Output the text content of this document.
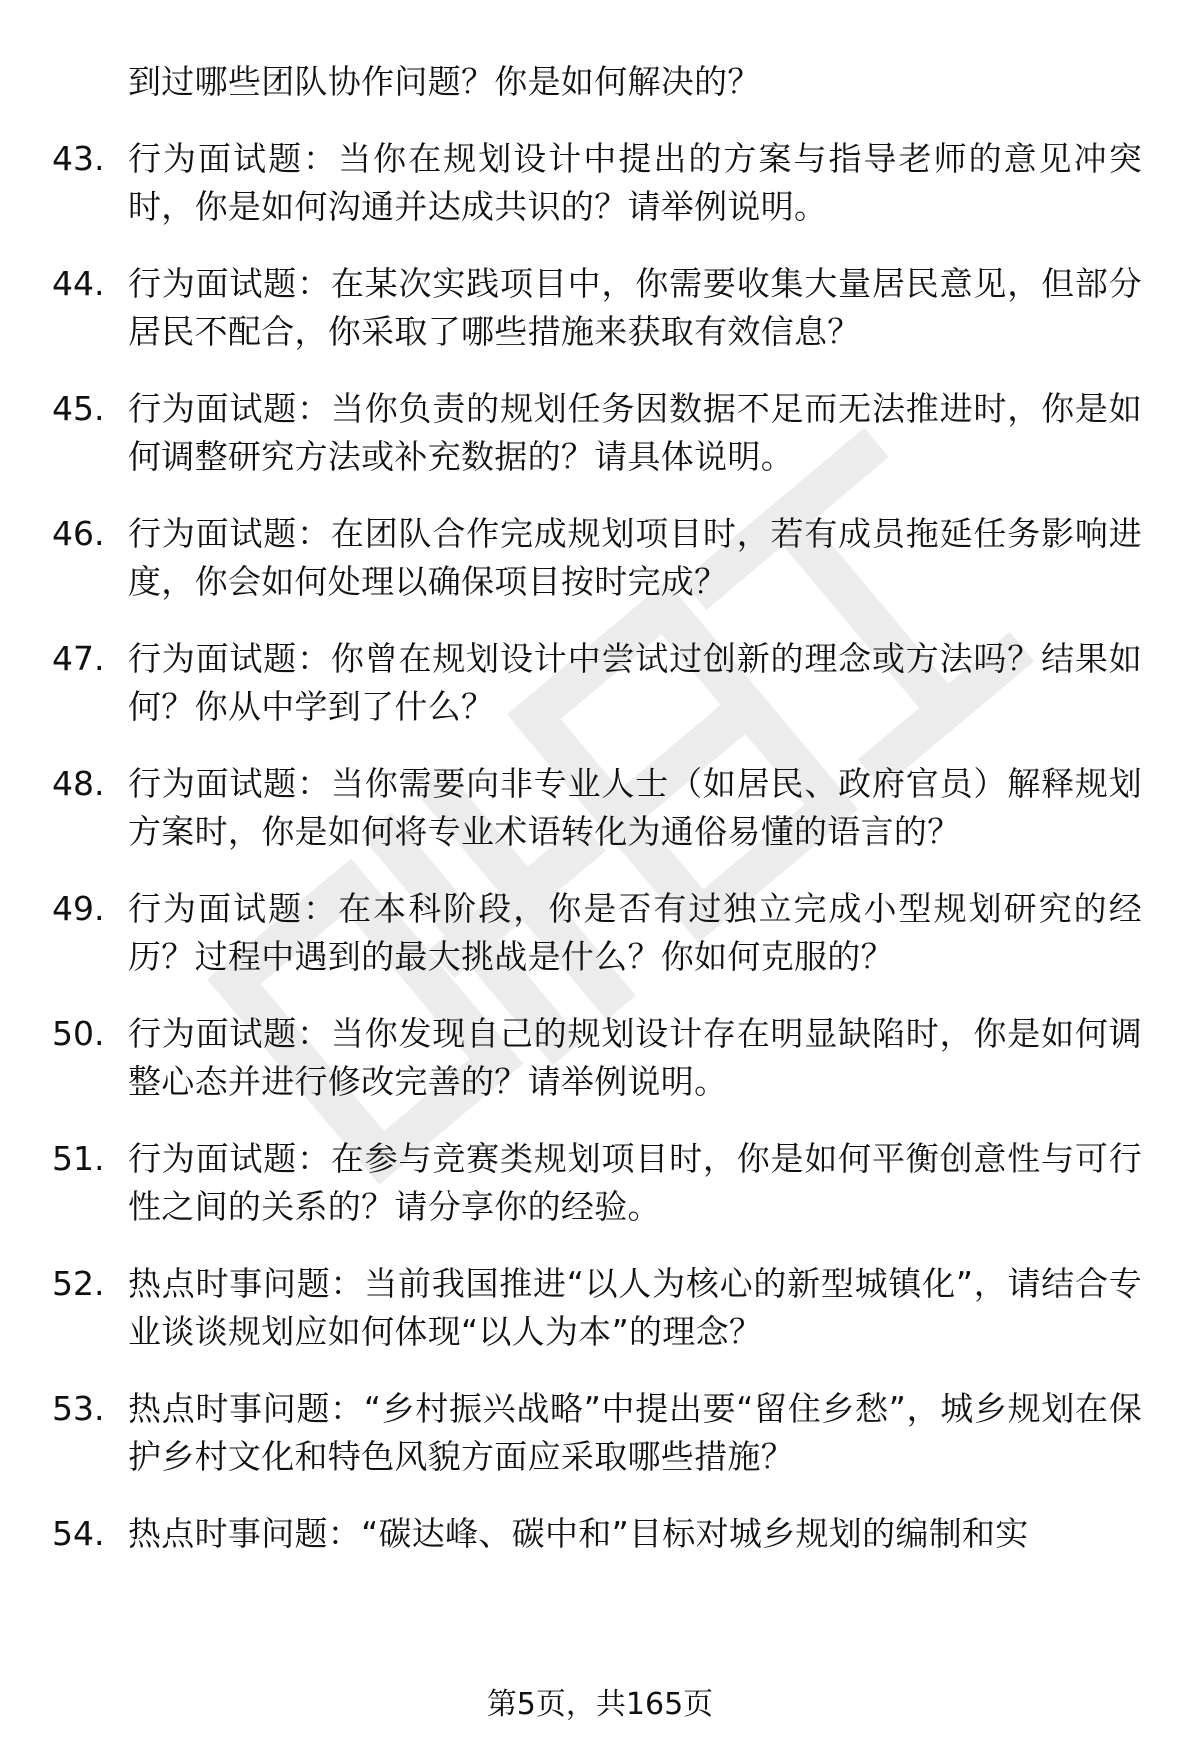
到过哪些团队协作问题？你是如何解决的？
43. 行为面试题：当你在规划设计中提出的方案与指导老师的意见冲突时，你是如何沟通并达成共识的？请举例说明。
44. 行为面试题：在某次实践项目中，你需要收集大量居民意见，但部分居民不配合，你采取了哪些措施来获取有效信息？
45. 行为面试题：当你负责的规划任务因数据不足而无法推进时，你是如何调整研究方法或补充数据的？请具体说明。
46. 行为面试题：在团队合作完成规划项目时，若有成员拖延任务影响进度，你会如何处理以确保项目按时完成？
47. 行为面试题：你曾在规划设计中尝试过创新的理念或方法吗？结果如何？你从中学到了什么？
48. 行为面试题：当你需要向非专业人士（如居民、政府官员）解释规划方案时，你是如何将专业术语转化为通俗易懂的语言的？
49. 行为面试题：在本科阶段，你是否有过独立完成小型规划研究的经历？过程中遇到的最大挑战是什么？你如何克服的？
50. 行为面试题：当你发现自己的规划设计存在明显缺陷时，你是如何调整心态并进行修改完善的？请举例说明。
51. 行为面试题：在参与竞赛类规划项目时，你是如何平衡创意性与可行性之间的关系的？请分享你的经验。
52. 热点时事问题：当前我国推进“以人为核心的新型城镇化”，请结合专业谈谈规划应如何体现“以人为本”的理念？
53. 热点时事问题：“乡村振兴战略”中提出要“留住乡愁”，城乡规划在保护乡村文化和特色风貌方面应采取哪些措施？
54. 热点时事问题：“碳达峰、碳中和”目标对城乡规划的编制和实
第5页，共165页
